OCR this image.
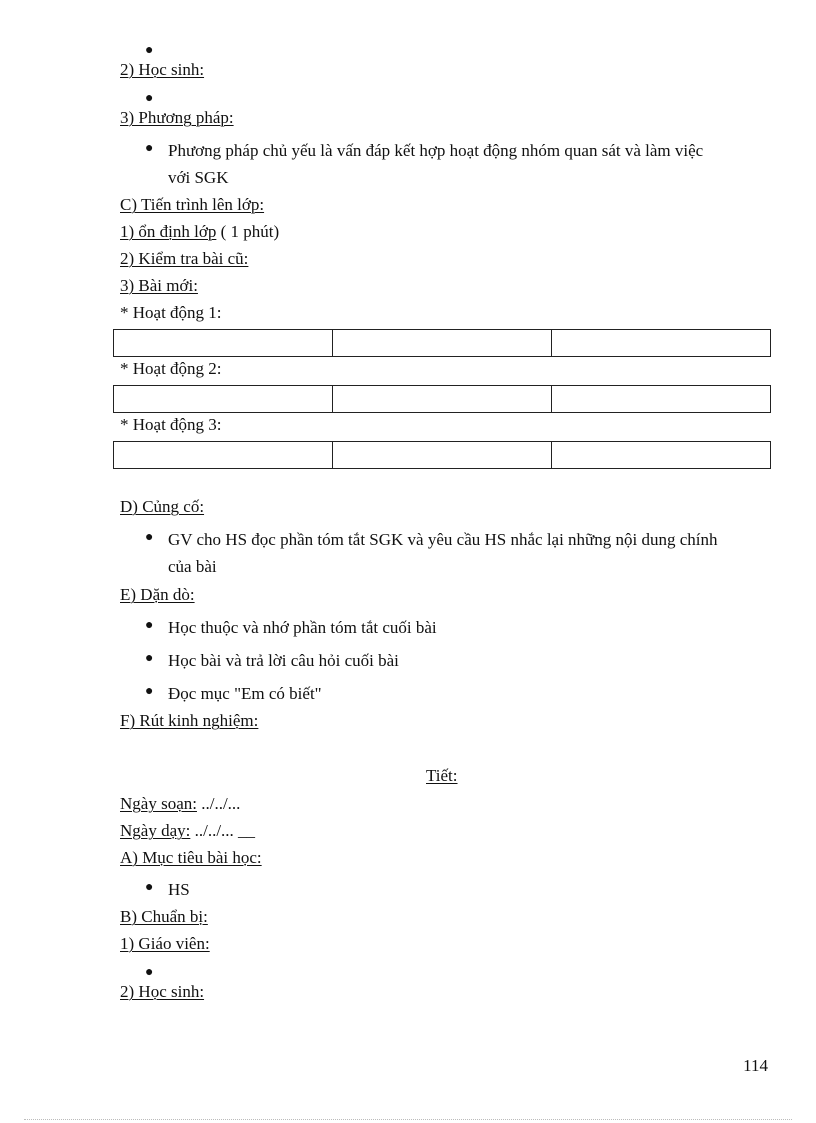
●
2) Học sinh:
●
3) Phương pháp:
● Phương pháp chủ yếu là vấn đáp kết hợp hoạt động nhóm quan sát và làm việc
với SGK
C) Tiến trình lên lớp:
1) ổn định lớp ( 1 phút)
2) Kiểm tra bài cũ:
3) Bài mới:
* Hoạt động 1:

* Hoạt động 2:

* Hoạt động 3:

D) Củng cố:
● GV cho HS đọc phần tóm tắt SGK và yêu cầu HS nhắc lại những nội dung chính
của bài
E) Dặn dò:
● Học thuộc và nhớ phần tóm tắt cuối bài
● Học bài và trả lời câu hỏi cuối bài
● Đọc mục "Em có biết"
F) Rút kinh nghiệm:
Tiết:
Ngày soạn: ../../...
Ngày dạy: ../../... __
A) Mục tiêu bài học:
● HS
B) Chuẩn bị:
1) Giáo viên:
●
2) Học sinh:
114
